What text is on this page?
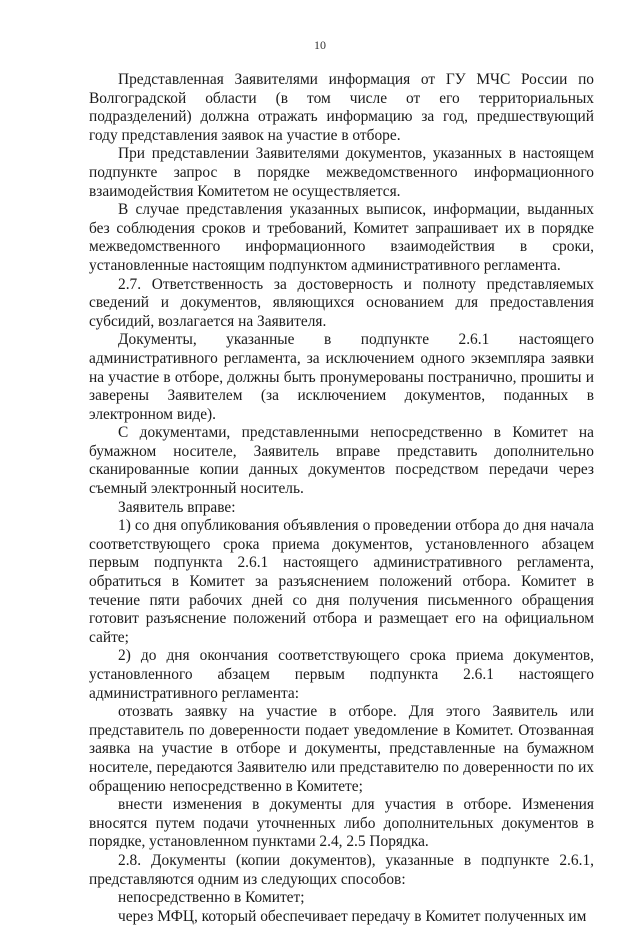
10

Представленная Заявителями информация от ГУ МЧС России по Волгоградской области (в том числе от его территориальных подразделений) должна отражать информацию за год, предшествующий году представления заявок на участие в отборе.

При представлении Заявителями документов, указанных в настоящем подпункте запрос в порядке межведомственного информационного взаимодействия Комитетом не осуществляется.

В случае представления указанных выписок, информации, выданных без соблюдения сроков и требований, Комитет запрашивает их в порядке межведомственного информационного взаимодействия в сроки, установленные настоящим подпунктом административного регламента.

2.7. Ответственность за достоверность и полноту представляемых сведений и документов, являющихся основанием для предоставления субсидий, возлагается на Заявителя.

Документы, указанные в подпункте 2.6.1 настоящего административного регламента, за исключением одного экземпляра заявки на участие в отборе, должны быть пронумерованы постранично, прошиты и заверены Заявителем (за исключением документов, поданных в электронном виде).

С документами, представленными непосредственно в Комитет на бумажном носителе, Заявитель вправе представить дополнительно сканированные копии данных документов посредством передачи через съемный электронный носитель.

Заявитель вправе:

1) со дня опубликования объявления о проведении отбора до дня начала соответствующего срока приема документов, установленного абзацем первым подпункта 2.6.1 настоящего административного регламента, обратиться в Комитет за разъяснением положений отбора. Комитет в течение пяти рабочих дней со дня получения письменного обращения готовит разъяснение положений отбора и размещает его на официальном сайте;

2) до дня окончания соответствующего срока приема документов, установленного абзацем первым подпункта 2.6.1 настоящего административного регламента:

отозвать заявку на участие в отборе. Для этого Заявитель или представитель по доверенности подает уведомление в Комитет. Отозванная заявка на участие в отборе и документы, представленные на бумажном носителе, передаются Заявителю или представителю по доверенности по их обращению непосредственно в Комитете;

внести изменения в документы для участия в отборе. Изменения вносятся путем подачи уточненных либо дополнительных документов в порядке, установленном пунктами 2.4, 2.5 Порядка.

2.8. Документы (копии документов), указанные в подпункте 2.6.1, представляются одним из следующих способов:

непосредственно в Комитет;

через МФЦ, который обеспечивает передачу в Комитет полученных им
